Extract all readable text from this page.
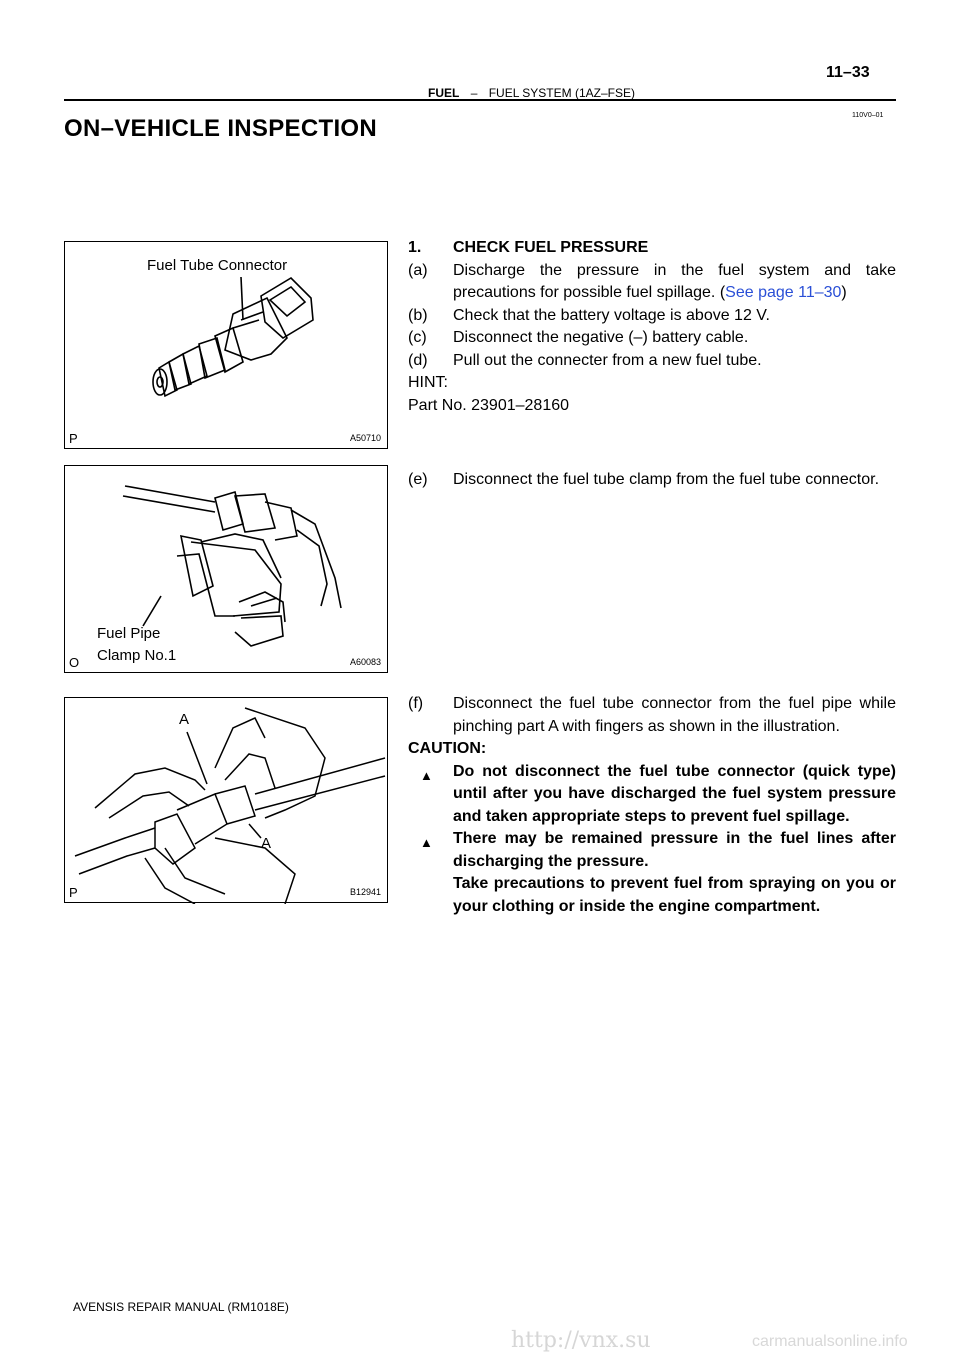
FUEL – FUEL SYSTEM (1AZ–FSE)
11–33
110V0–01
ON–VEHICLE INSPECTION
Fuel Tube Connector
P	A50710
Fuel Pipe
Clamp No.1
O	A60083
A
A
P	B12941
1. CHECK FUEL PRESSURE
(a) Discharge the pressure in the fuel system and take precautions for possible fuel spillage. (See page 11–30)
(b) Check that the battery voltage is above 12 V.
(c) Disconnect the negative (–) battery cable.
(d) Pull out the connecter from a new fuel tube.
HINT:
Part No. 23901–28160
(e) Disconnect the fuel tube clamp from the fuel tube connector.
(f) Disconnect the fuel tube connector from the fuel pipe while pinching part A with fingers as shown in the illustration.
CAUTION:
▲ Do not disconnect the fuel tube connector (quick type) until after you have discharged the fuel system pressure and taken appropriate steps to prevent fuel spillage.
▲ There may be remained pressure in the fuel lines after discharging the pressure.
Take precautions to prevent fuel from spraying on you or your clothing or inside the engine compartment.
AVENSIS REPAIR MANUAL (RM1018E)
http://vnx.su	carmanualsonline.info
